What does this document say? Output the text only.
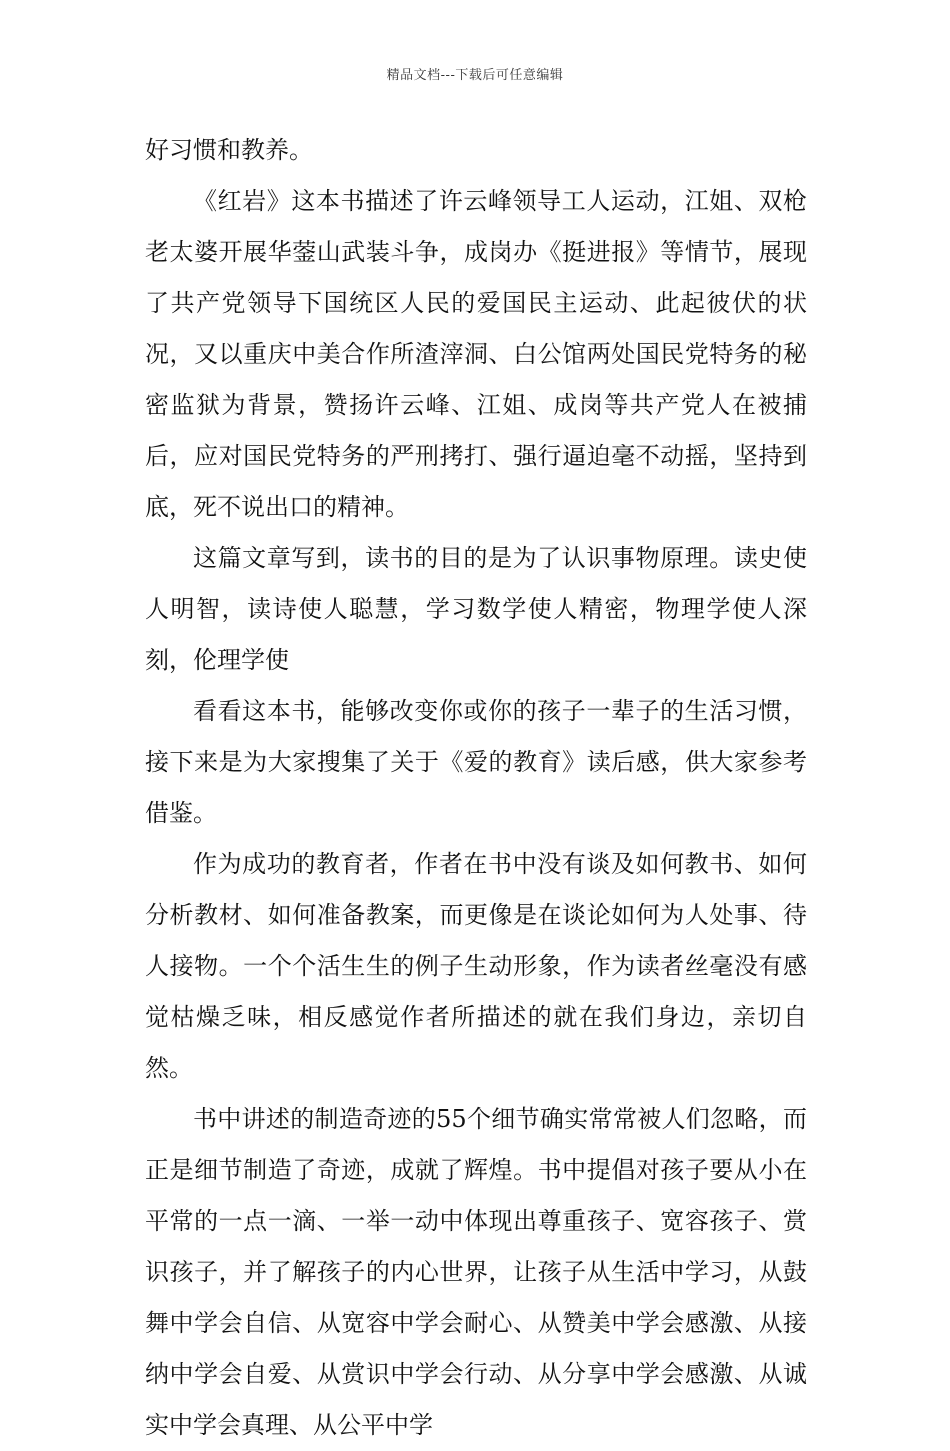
精品文档---下载后可任意编辑

好习惯和教养。

《红岩》这本书描述了许云峰领导工人运动，江姐、双枪老太婆开展华蓥山武装斗争，成岗办《挺进报》等情节，展现了共产党领导下国统区人民的爱国民主运动、此起彼伏的状况，又以重庆中美合作所渣滓洞、白公馆两处国民党特务的秘密监狱为背景，赞扬许云峰、江姐、成岗等共产党人在被捕后，应对国民党特务的严刑拷打、强行逼迫毫不动摇，坚持到底，死不说出口的精神。

这篇文章写到，读书的目的是为了认识事物原理。读史使人明智，读诗使人聪慧，学习数学使人精密，物理学使人深刻，伦理学使

看看这本书，能够改变你或你的孩子一辈子的生活习惯，接下来是为大家搜集了关于《爱的教育》读后感，供大家参考借鉴。

作为成功的教育者，作者在书中没有谈及如何教书、如何分析教材、如何准备教案，而更像是在谈论如何为人处事、待人接物。一个个活生生的例子生动形象，作为读者丝毫没有感觉枯燥乏味，相反感觉作者所描述的就在我们身边，亲切自然。

书中讲述的制造奇迹的55个细节确实常常被人们忽略，而正是细节制造了奇迹，成就了辉煌。书中提倡对孩子要从小在平常的一点一滴、一举一动中体现出尊重孩子、宽容孩子、赏识孩子，并了解孩子的内心世界，让孩子从生活中学习，从鼓舞中学会自信、从宽容中学会耐心、从赞美中学会感激、从接纳中学会自爱、从赏识中学会行动、从分享中学会感激、从诚实中学会真理、从公平中学
